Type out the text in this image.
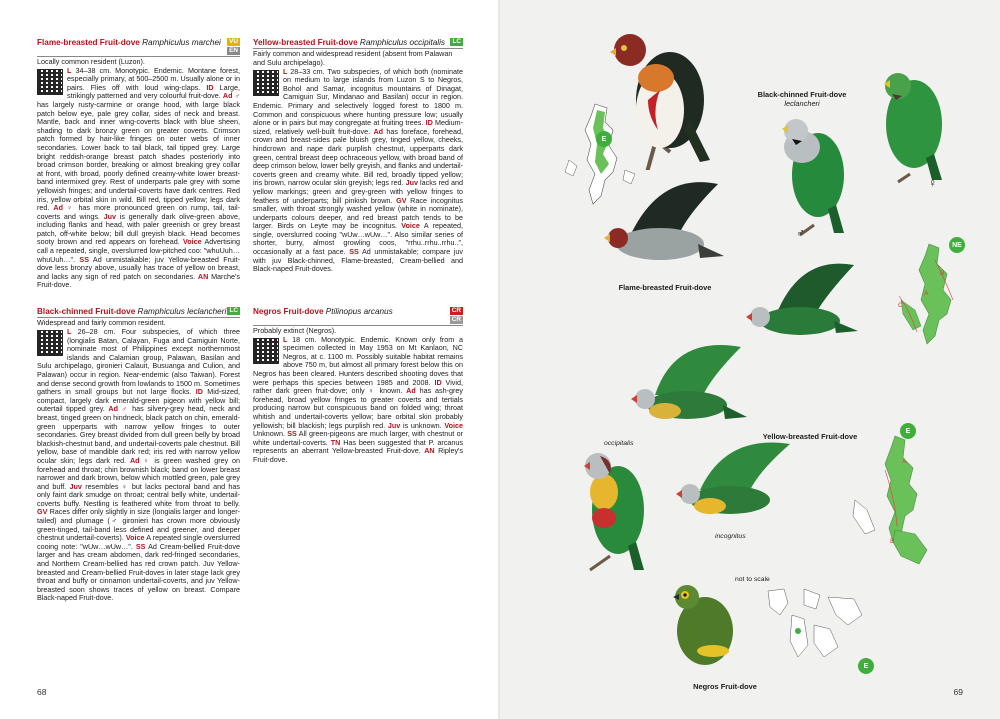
Flame-breasted Fruit-dove Ramphiculus marchei	VU
EN
Locally common resident (Luzon).
L 34–38 cm. Monotypic. Endemic. Montane forest, especially primary, at 500–2500 m. Usually alone or in pairs. Flies off with loud wing-claps. ID Large, strikingly patterned and very colourful fruit-dove. Ad ♂ has largely rusty-carmine or orange hood, with large black patch below eye, pale grey collar, sides of neck and breast. Mantle, back and inner wing-coverts black with blue sheen, shading to dark bronzy green on greater coverts. Crimson patch formed by hair-like fringes on outer webs of inner secondaries. Lower back to tail black, tail tipped grey. Large bright reddish-orange breast patch shades posteriorly into broad crimson border, breaking or almost breaking grey collar at front, with broad, poorly defined creamy-white lower breast-band intermixed grey. Rest of underparts pale grey with some yellowish fringes; and undertail-coverts have dark centres. Red iris, yellow orbital skin in wild. Bill red, tipped yellow; legs dark red. Ad ♀ has more pronounced green on rump, tail, tail-coverts and wings. Juv is generally dark olive-green above, including flanks and head, with paler greenish or grey breast patch, off-white below; bill dull greyish black. Head becomes sooty brown and red appears on forehead. Voice Advertising call a repeated, single, overslurred low-pitched coo: "whuUuh…whuUuh…". SS Ad unmistakable; juv Yellow-breasted Fruit-dove less bronzy above, usually has trace of yellow on breast, and lacks any sign of red patch on secondaries. AN Marche's Fruit-dove.
Black-chinned Fruit-dove Ramphiculus leclancheri LC
Widespread and fairly common resident.
L 26–28 cm. Four subspecies, of which three (longialis Batan, Calayan, Fuga and Camiguin Norte, nominate most of Philippines except northernmost islands and Calamian group, Palawan, Basilan and Sulu archipelago, gironieri Calauit, Busuanga and Culion, and Palawan) occur in region. Near-endemic (also Taiwan). Forest and dense second growth from lowlands to 1500 m. Sometimes gathers in small groups but not large flocks. ID Mid-sized, compact, largely dark emerald-green pigeon with yellow bill; outertail tipped grey. Ad ♂ has silvery-grey head, neck and breast, tinged green on hindneck, black patch on chin, emerald-green upperparts with narrow yellow fringes to outer secondaries. Grey breast divided from dull green belly by broad blackish-chestnut band, and undertail-coverts pale chestnut. Bill yellow, base of mandible dark red; iris red with narrow yellow ocular skin; legs dark red. Ad ♀ is green washed grey on forehead and throat; chin brownish black; band on lower breast narrower and dark brown, below which mottled green, pale grey and buff. Juv resembles ♀ but lacks pectoral band and has only faint dark smudge on throat; central belly white, undertail-coverts buffy. Nestling is feathered white from throat to belly. GV Races differ only slightly in size (longialis larger and longer-tailed) and plumage (♂ gironieri has crown more obviously green-tinged, tail-band less defined and greener, and deeper chestnut undertail-coverts). Voice A repeated single overslurred cooing note: "wUw…wUw…". SS Ad Cream-bellied Fruit-dove larger and has cream abdomen, dark red-fringed secondaries, and Northern Cream-bellied has red crown patch. Juv Yellow-breasted and Cream-bellied Fruit-doves in later stage lack grey throat and buffy or cinnamon undertail-coverts, and juv Yellow-breasted soon shows traces of yellow on breast. Compare Black-naped Fruit-dove.
Yellow-breasted Fruit-dove Ramphiculus occipitalis	LC
Fairly common and widespread resident (absent from Palawan and Sulu archipelago).
L 28–33 cm. Two subspecies, of which both (nominate on medium to large islands from Luzon S to Negros, Bohol and Samar, incognitus mountains of Dinagat, Camiguin Sur, Mindanao and Basilan) occur in region. Endemic. Primary and selectively logged forest to 1800 m. Common and conspicuous where hunting pressure low; usually alone or in pairs but may congregate at fruiting trees. ID Medium-sized, relatively well-built fruit-dove. Ad has foreface, forehead, crown and breast-sides pale bluish grey, tinged yellow, cheeks, hindcrown and nape dark purplish chestnut, upperparts dark green, central breast deep ochraceous yellow, with broad band of deep crimson below, lower belly greyish, and flanks and undertail-coverts green and creamy white. Bill red, broadly tipped yellow; iris brown, narrow ocular skin greyish; legs red. Juv lacks red and yellow markings; green and grey-green with yellow fringes to feathers of underparts; bill pinkish brown. GV Race incognitus smaller, with throat strongly washed yellow (white in nominate), underparts colours deeper, and red breast patch tends to be larger. Birds on Leyte may be incognitus. Voice A repeated, single, overslurred cooing "wUw…wUw…". Also similar series of shorter, burry, almost growling coos, "rrhu..rrhu..rrhu..", occasionally at a fast pace. SS Ad unmistakable; compare juv with juv Black-chinned, Flame-breasted, Cream-bellied and Black-naped Fruit-doves.
Negros Fruit-dove Ptilinopus arcanus	CR
CR
Probably extinct (Negros).
L 18 cm. Monotypic. Endemic. Known only from a specimen collected in May 1953 on Mt Kanlaon, NC Negros, at c. 1100 m. Possibly suitable habitat remains above 750 m, but almost all primary forest below this on Negros has been cleared. Hunters described shooting doves that were perhaps this species between 1985 and 2008. ID Vivid, rather dark green fruit-dove; only ♀ known. Ad has ash-grey forehead, broad yellow fringes to greater coverts and tertials producing narrow but conspicuous band on folded wing; throat whitish and undertail-coverts yellow; bare orbital skin probably yellowish; bill blackish; legs purplish red. Juv is unknown. Voice Unknown. SS All green-pigeons are much larger, with chestnut or white undertail-coverts. TN Has been suggested that P. arcanus represents an aberrant Yellow-breasted Fruit-dove. AN Ripley's Fruit-dove.
68
E
Flame-breasted Fruit-dove
♂
♀
Black-chinned Fruit-dove
leclancheri
NE
B
C
A
Yellow-breasted Fruit-dove
occipitalis
incognitus
E
A
B
Negros Fruit-dove
not to scale
E
69
